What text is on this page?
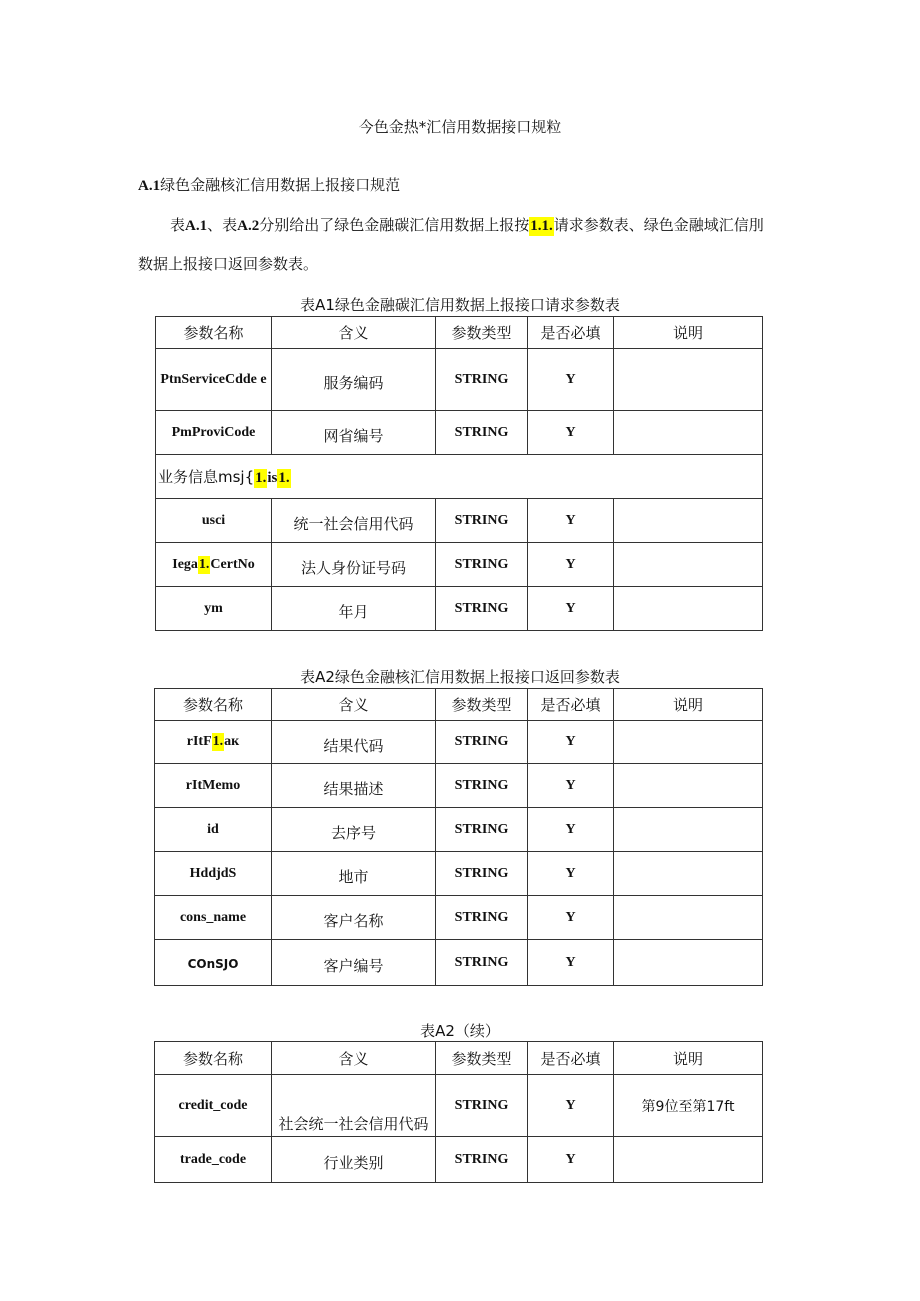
今色金热*汇信用数据接口规粒
A.1绿色金融核汇信用数据上报接口规范
表A.1、表A.2分别给出了绿色金融碳汇信用数据上报按1.1.请求参数表、绿色金融域汇信刖
数据上报接口返回参数表。
表A1绿色金融碳汇信用数据上报接口请求参数表
参数名称	含义	参数类型	是否必填	说明
PtnServiceCdde e	服务编码	STRING	Y	
PmProviCode	网省编号	STRING	Y	
业务信息msj{1.is1.				
usci	统一社会信用代码	STRING	Y	
Iega1.CertNo	法人身份证号码	STRING	Y	
ym	年月	STRING	Y	
表A2绿色金融核汇信用数据上报接口返回参数表
参数名称	含义	参数类型	是否必填	说明
rItF1.aк	结果代码	STRING	Y	
rItMemo	结果描述	STRING	Y	
id	去序号	STRING	Y	
HddjdS	地市	STRING	Y	
cons_name	客户名称	STRING	Y	
COnSJO	客户编号	STRING	Y	
表A2（续）
参数名称	含义	参数类型	是否必填	说明
credit_code	社会统一社会信用代码	STRING	Y	第9位至第17ft
trade_code	行业类别	STRING	Y	
